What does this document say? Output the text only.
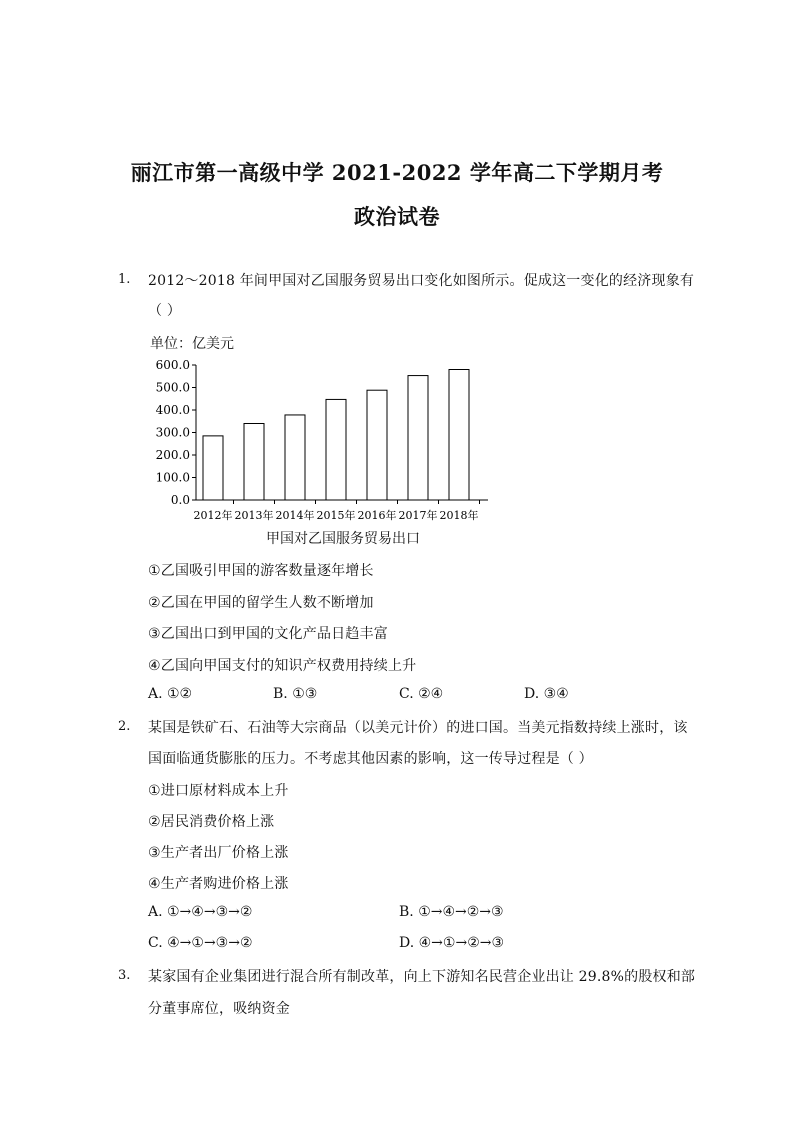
丽江市第一高级中学 2021-2022 学年高二下学期月考
政治试卷
1. 2012～2018 年间甲国对乙国服务贸易出口变化如图所示。促成这一变化的经济现象有
（ ）
单位：亿美元
0.0
100.0
200.0
300.0
400.0
500.0
600.0
2012年 2013年 2014年 2015年 2016年 2017年 2018年
甲国对乙国服务贸易出口
①乙国吸引甲国的游客数量逐年增长
②乙国在甲国的留学生人数不断增加
③乙国出口到甲国的文化产品日趋丰富
④乙国向甲国支付的知识产权费用持续上升
A. ①②	B. ①③	C. ②④	D. ③④
2. 某国是铁矿石、石油等大宗商品（以美元计价）的进口国。当美元指数持续上涨时，该
国面临通货膨胀的压力。不考虑其他因素的影响，这一传导过程是（ ）
①进口原材料成本上升
②居民消费价格上涨
③生产者出厂价格上涨
④生产者购进价格上涨
A. ①→④→③→②	B. ①→④→②→③
C. ④→①→③→②	D. ④→①→②→③
3. 某家国有企业集团进行混合所有制改革，向上下游知名民营企业出让 29.8%的股权和部
分董事席位，吸纳资金
